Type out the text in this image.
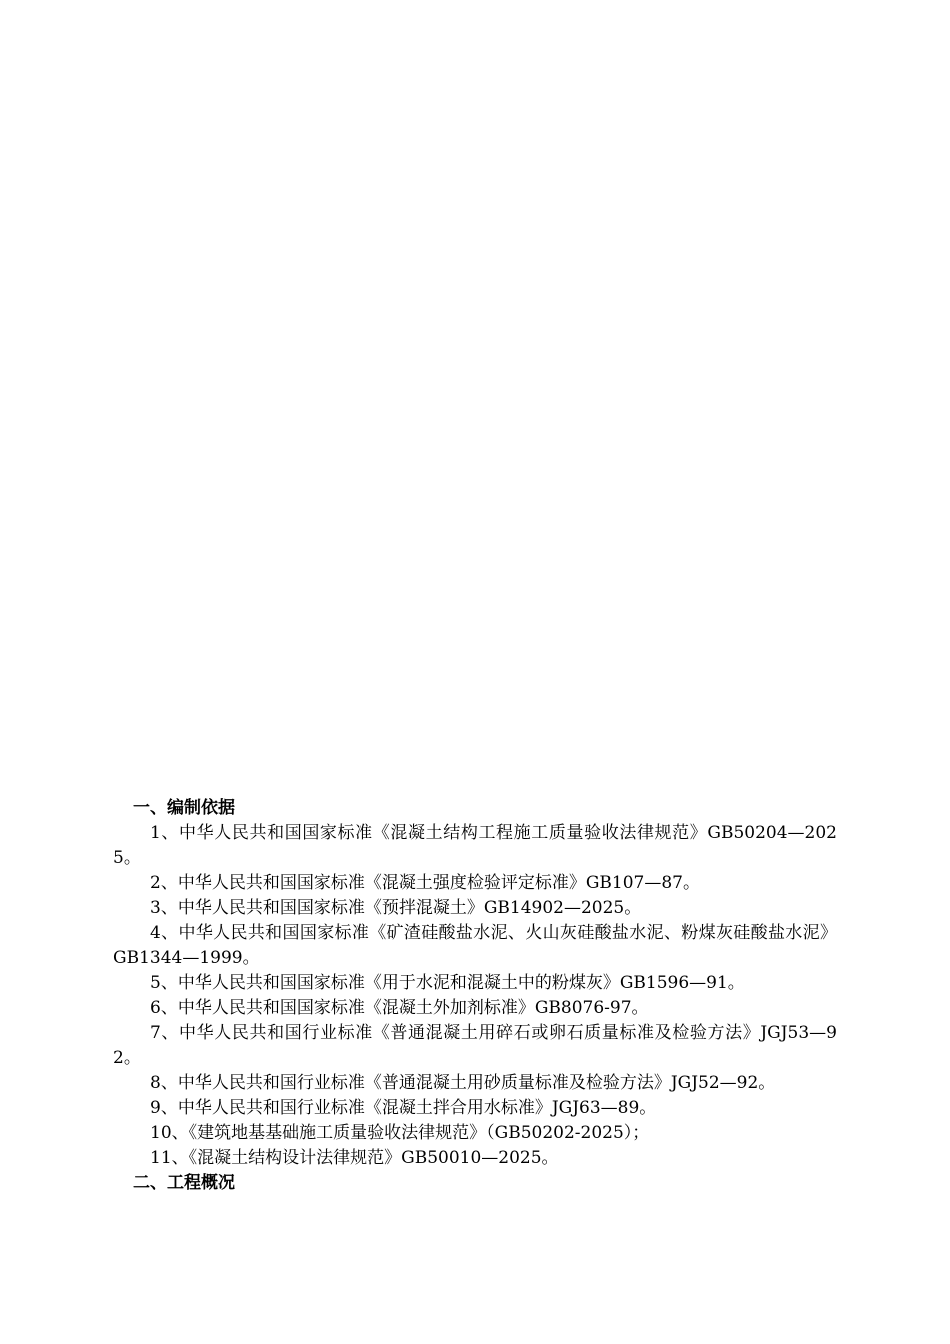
一、编制依据
1、中华人民共和国国家标准《混凝土结构工程施工质量验收法律规范》GB50204—2025。
2、中华人民共和国国家标准《混凝土强度检验评定标准》GB107—87。
3、中华人民共和国国家标准《预拌混凝土》GB14902—2025。
4、中华人民共和国国家标准《矿渣硅酸盐水泥、火山灰硅酸盐水泥、粉煤灰硅酸盐水泥》GB1344—1999。
5、中华人民共和国国家标准《用于水泥和混凝土中的粉煤灰》GB1596—91。
6、中华人民共和国国家标准《混凝土外加剂标准》GB8076-97。
7、中华人民共和国行业标准《普通混凝土用碎石或卵石质量标准及检验方法》JGJ53—92。
8、中华人民共和国行业标准《普通混凝土用砂质量标准及检验方法》JGJ52—92。
9、中华人民共和国行业标准《混凝土拌合用水标准》JGJ63—89。
10、《建筑地基基础施工质量验收法律规范》（GB50202-2025）；
11、《混凝土结构设计法律规范》GB50010—2025。
二、工程概况
